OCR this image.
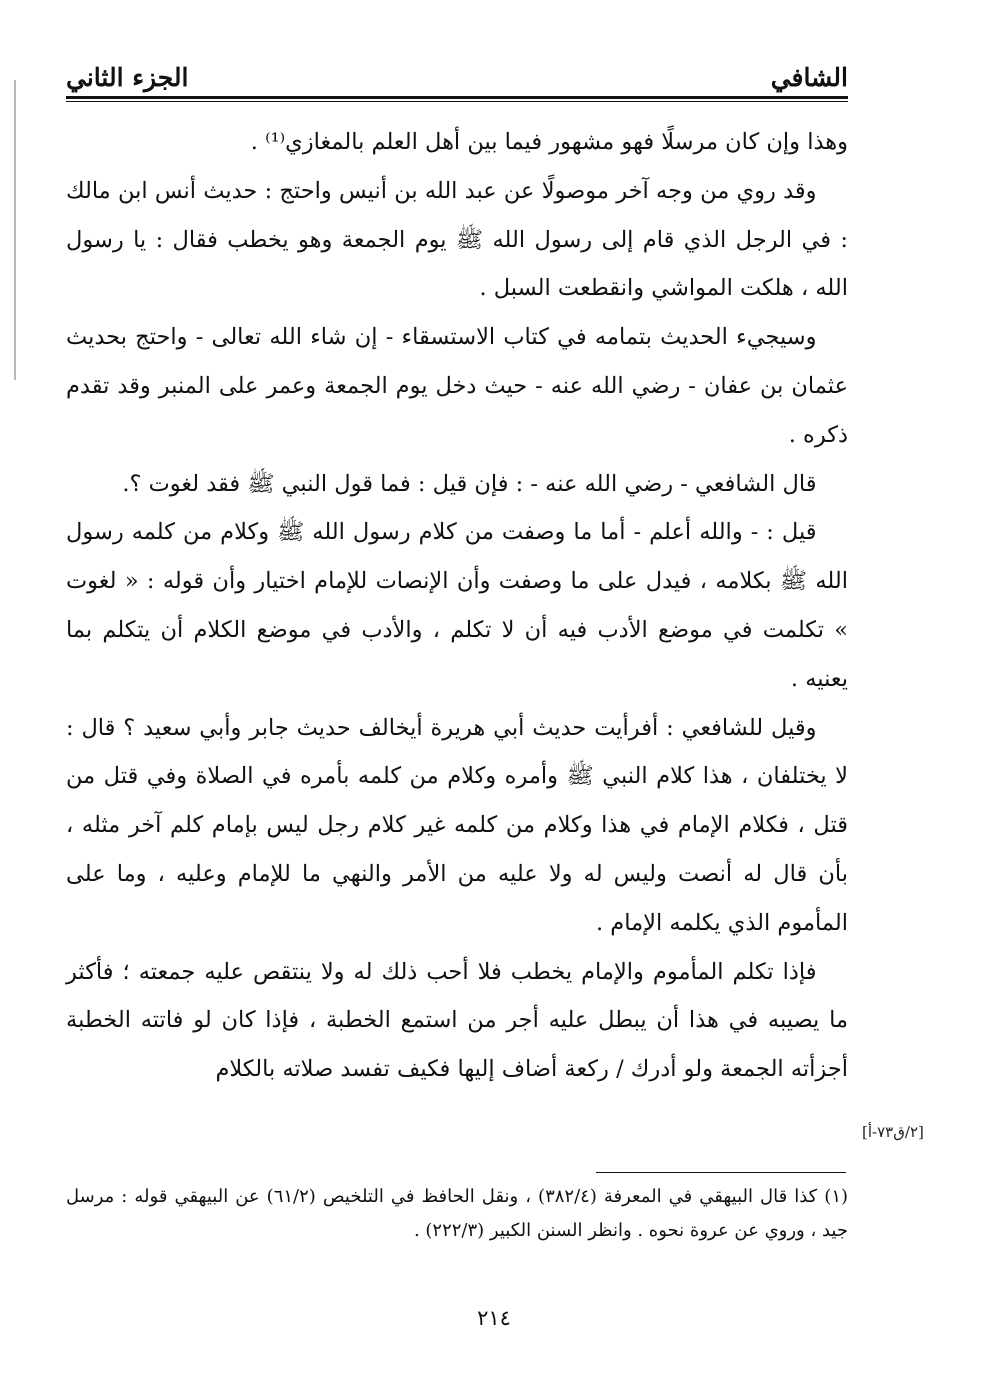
الشافي
الجزء الثاني

وهذا وإن كان مرسلًا فهو مشهور فيما بين أهل العلم بالمغازي⁽¹⁾ .

وقد روي من وجه آخر موصولًا عن عبد الله بن أنيس واحتج : حديث أنس ابن مالك : في الرجل الذي قام إلى رسول الله ﷺ يوم الجمعة وهو يخطب فقال : يا رسول الله ، هلكت المواشي وانقطعت السبل .

وسيجيء الحديث بتمامه في كتاب الاستسقاء - إن شاء الله تعالى - واحتج بحديث عثمان بن عفان - رضي الله عنه - حيث دخل يوم الجمعة وعمر على المنبر وقد تقدم ذكره .

قال الشافعي - رضي الله عنه - : فإن قيل : فما قول النبي ﷺ فقد لغوت ؟.

قيل : - والله أعلم - أما ما وصفت من كلام رسول الله ﷺ وكلام من كلمه رسول الله ﷺ بكلامه ، فيدل على ما وصفت وأن الإنصات للإمام اختيار وأن قوله : « لغوت » تكلمت في موضع الأدب فيه أن لا تكلم ، والأدب في موضع الكلام أن يتكلم بما يعنيه .

وقيل للشافعي : أفرأيت حديث أبي هريرة أيخالف حديث جابر وأبي سعيد ؟ قال : لا يختلفان ، هذا كلام النبي ﷺ وأمره وكلام من كلمه بأمره في الصلاة وفي قتل من قتل ، فكلام الإمام في هذا وكلام من كلمه غير كلام رجل ليس بإمام كلم آخر مثله ، بأن قال له أنصت وليس له ولا عليه من الأمر والنهي ما للإمام وعليه ، وما على المأموم الذي يكلمه الإمام .

فإذا تكلم المأموم والإمام يخطب فلا أحب ذلك له ولا ينتقص عليه جمعته ؛ فأكثر ما يصيبه في هذا أن يبطل عليه أجر من استمع الخطبة ، فإذا كان لو فاتته الخطبة أجزأته الجمعة ولو أدرك / ركعة أضاف إليها فكيف تفسد صلاته بالكلام

[٢/ق٧٣-أ]
(١) كذا قال البيهقي في المعرفة (٣٨٢/٤) ، ونقل الحافظ في التلخيص (٦١/٢) عن البيهقي قوله : مرسل جيد ، وروي عن عروة نحوه . وانظر السنن الكبير (٢٢٢/٣) .
٢١٤
